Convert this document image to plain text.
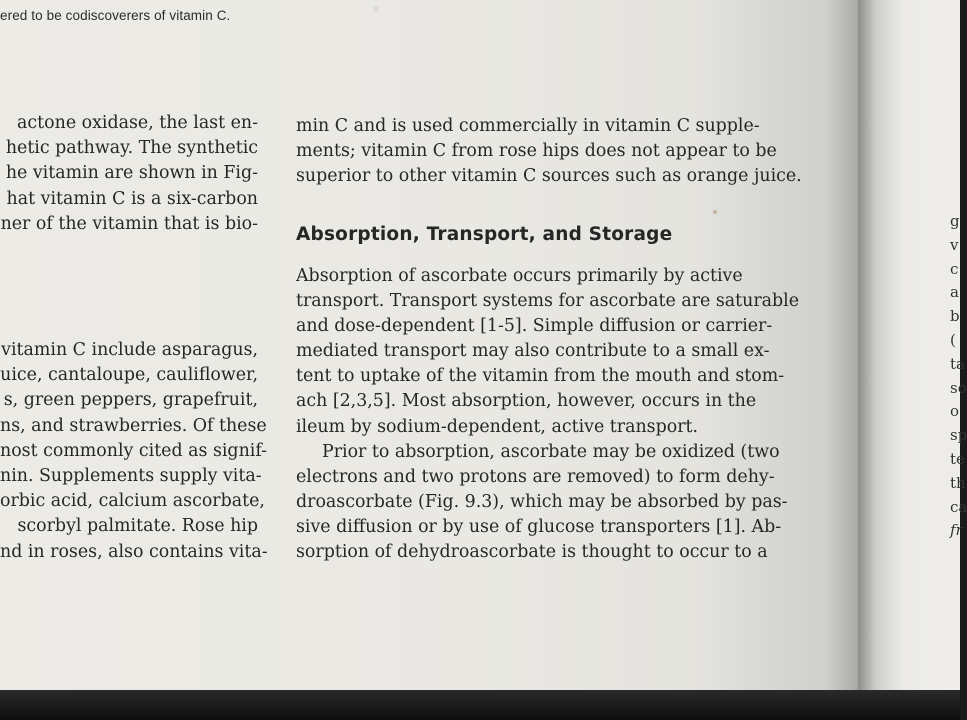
ered to be codiscoverers of vitamin C.

actone oxidase, the last en-
hetic pathway. The synthetic
he vitamin are shown in Fig-
hat vitamin C is a six-carbon
ner of the vitamin that is bio-
vitamin C include asparagus,
uice, cantaloupe, cauliflower,
s, green peppers, grapefruit,
ns, and strawberries. Of these
nost commonly cited as signif-
nin. Supplements supply vita-
orbic acid, calcium ascorbate,
scorbyl palmitate. Rose hip
nd in roses, also contains vita-
min C and is used commercially in vitamin C supple-
ments; vitamin C from rose hips does not appear to be
superior to other vitamin C sources such as orange juice.
Absorption, Transport, and Storage
Absorption of ascorbate occurs primarily by active
transport. Transport systems for ascorbate are saturable
and dose-dependent [1-5]. Simple diffusion or carrier-
mediated transport may also contribute to a small ex-
tent to uptake of the vitamin from the mouth and stom-
ach [2,3,5]. Most absorption, however, occurs in the
ileum by sodium-dependent, active transport.
Prior to absorption, ascorbate may be oxidized (two
electrons and two protons are removed) to form dehy-
droascorbate (Fig. 9.3), which may be absorbed by pas-
sive diffusion or by use of glucose transporters [1]. Ab-
sorption of dehydroascorbate is thought to occur to a
g
v
c
a
b
(
ta
so
o
sp
te
th
ca
fr
